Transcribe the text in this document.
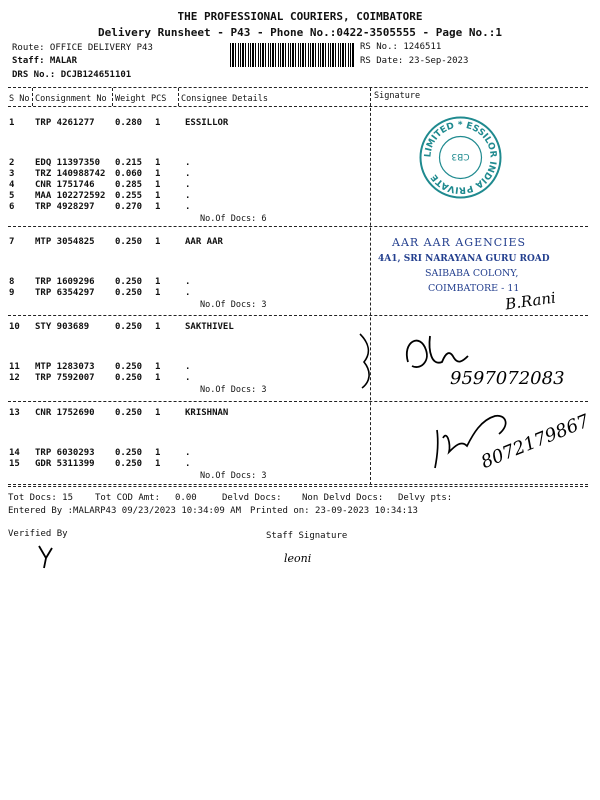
THE PROFESSIONAL COURIERS, COIMBATORE
Delivery Runsheet - P43 - Phone No.:0422-3505555 - Page No.:1
Route: OFFICE DELIVERY P43
Staff: MALAR
DRS No.: DCJB124651101
RS No.: 1246511
RS Date: 23-Sep-2023
S No Consignment No Weight PCS Consignee Details	Signature
1 TRP 4261277 0.280 1	ESSILLOR
2 EDQ 11397350 0.215 1	.
3 TRZ 140988742 0.060 1	.
4 CNR 1751746 0.285 1	.
5 MAA 102272592 0.255 1	.
6 TRP 4928297 0.270 1	.
No.Of Docs: 6
7 MTP 3054825 0.250 1	AAR AAR
8 TRP 1609296 0.250 1	.
9 TRP 6354297 0.250 1	.
No.Of Docs: 3
10 STY 903689	0.250 1	SAKTHIVEL
11 MTP 1283073 0.250 1	.
12 TRP 7592007 0.250 1	.
No.Of Docs: 3
13 CNR 1752690 0.250 1	KRISHNAN
14 TRP 6030293 0.250 1	.
15 GDR 5311399 0.250 1	.
No.Of Docs: 3
LIMITED * ESSILOR INDIA PRIVATE
CB3
AAR AAR AGENCIES
4A1, SRI NARAYANA GURU ROAD
SAIBABA COLONY,
COIMBATORE - 11
B.Rani
9597072083
8072179867
Tot Docs: 15 Tot COD Amt: 0.00	Delvd Docs: Non Delvd Docs: Delvy pts:
Entered By :MALARP43 09/23/2023 10:34:09 AM Printed on: 23-09-2023 10:34:13
Verified By	Staff Signature
leoni
